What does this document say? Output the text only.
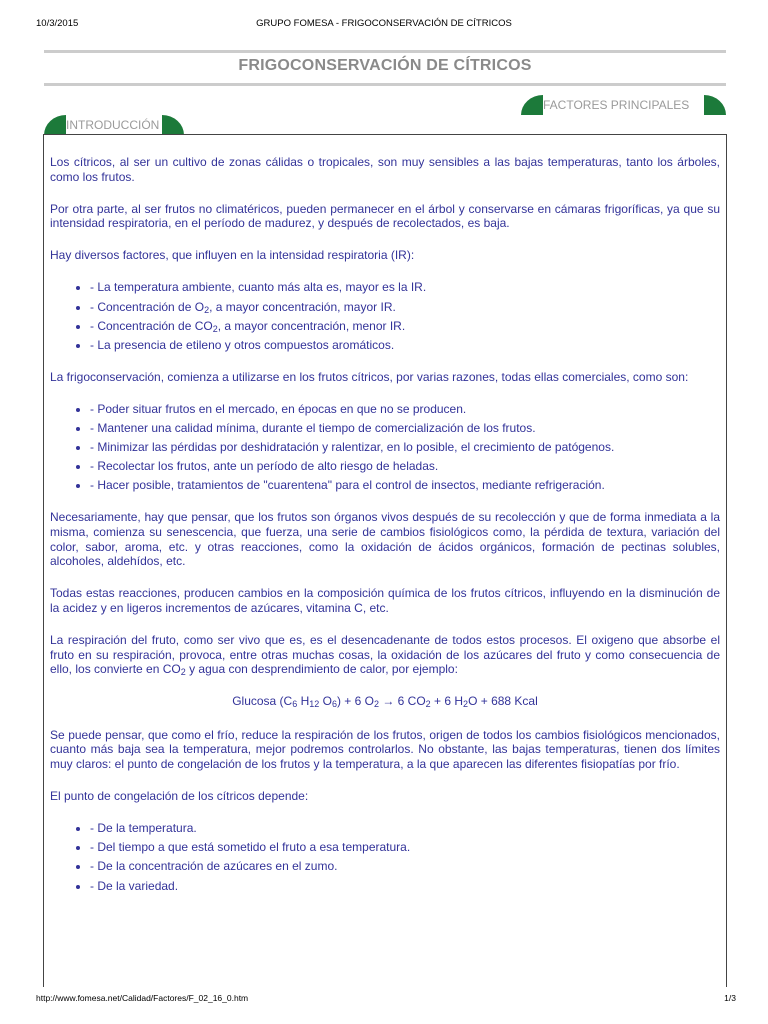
10/3/2015	GRUPO FOMESA - FRIGOCONSERVACIÓN DE CÍTRICOS
FRIGOCONSERVACIÓN DE CÍTRICOS
FACTORES PRINCIPALES
INTRODUCCIÓN

Los cítricos, al ser un cultivo de zonas cálidas o tropicales, son muy sensibles a las bajas temperaturas, tanto los árboles, como los frutos.

Por otra parte, al ser frutos no climatéricos, pueden permanecer en el árbol y conservarse en cámaras frigoríficas, ya que su intensidad respiratoria, en el período de madurez, y después de recolectados, es baja.

Hay diversos factores, que influyen en la intensidad respiratoria (IR):

• - La temperatura ambiente, cuanto más alta es, mayor es la IR.
• - Concentración de $O_2$, a mayor concentración, mayor IR.
• - Concentración de $CO_2$, a mayor concentración, menor IR.
• - La presencia de etileno y otros compuestos aromáticos.

La frigoconservación, comienza a utilizarse en los frutos cítricos, por varias razones, todas ellas comerciales, como son:

• - Poder situar frutos en el mercado, en épocas en que no se producen.
• - Mantener una calidad mínima, durante el tiempo de comercialización de los frutos.
• - Minimizar las pérdidas por deshidratación y ralentizar, en lo posible, el crecimiento de patógenos.
• - Recolectar los frutos, ante un período de alto riesgo de heladas.
• - Hacer posible, tratamientos de "cuarentena" para el control de insectos, mediante refrigeración.

Necesariamente, hay que pensar, que los frutos son órganos vivos después de su recolección y que de forma inmediata a la misma, comienza su senescencia, que fuerza, una serie de cambios fisiológicos como, la pérdida de textura, variación del color, sabor, aroma, etc. y otras reacciones, como la oxidación de ácidos orgánicos, formación de pectinas solubles, alcoholes, aldehídos, etc.

Todas estas reacciones, producen cambios en la composición química de los frutos cítricos, influyendo en la disminución de la acidez y en ligeros incrementos de azúcares, vitamina C, etc.

La respiración del fruto, como ser vivo que es, es el desencadenante de todos estos procesos. El oxigeno que absorbe el fruto en su respiración, provoca, entre otras muchas cosas, la oxidación de los azúcares del fruto y como consecuencia de ello, los convierte en $CO_2$ y agua con desprendimiento de calor, por ejemplo:

Glucosa ($C_6$ $H_{12}$ $O_6) + 6$ $O_2 \to 6$ $CO_2 + 6$ $H_2O + 688$ Kcal

Se puede pensar, que como el frío, reduce la respiración de los frutos, origen de todos los cambios fisiológicos mencionados, cuanto más baja sea la temperatura, mejor podremos controlarlos. No obstante, las bajas temperaturas, tienen dos límites muy claros: el punto de congelación de los frutos y la temperatura, a la que aparecen las diferentes fisiopatías por frío.

El punto de congelación de los cítricos depende:

• - De la temperatura.
• - Del tiempo a que está sometido el fruto a esa temperatura.
• - De la concentración de azúcares en el zumo.
• - De la variedad.
http://www.fomesa.net/Calidad/Factores/F_02_16_0.htm	1/3
